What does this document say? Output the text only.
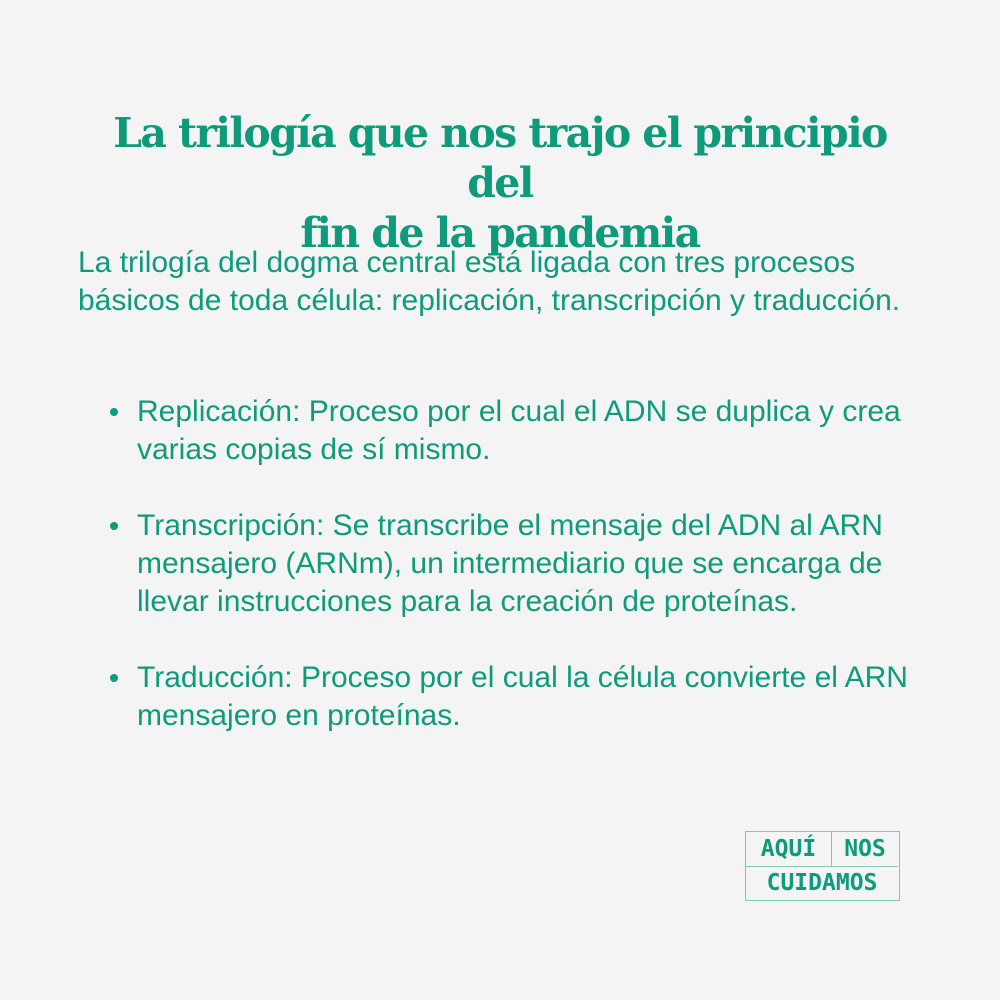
La trilogía que nos trajo el principio del
fin de la pandemia

La trilogía del dogma central está ligada con tres procesos básicos de toda célula: replicación, transcripción y traducción.

Replicación: Proceso por el cual el ADN se duplica y crea varias copias de sí mismo.
Transcripción: Se transcribe el mensaje del ADN al ARN mensajero (ARNm), un intermediario que se encarga de llevar instrucciones para la creación de proteínas.
Traducción: Proceso por el cual la célula convierte el ARN mensajero en proteínas.
AQUÍ	NOS
CUIDAMOS
